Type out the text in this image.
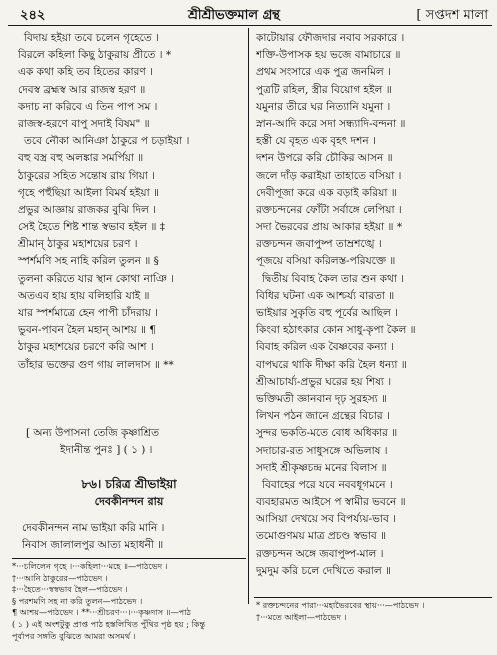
২৪২	শ্রীশ্রীভক্তমাল গ্রন্থ	[ সপ্তদশ মালা
বিদায় হইয়া তবে চলেন গৃহেতে ।
বিরলে কহিলা কিছু ঠাকুরায় প্রীতে । *
এক কথা কহি তব হিতের কারণ ।
দেবস্ব ব্রহ্মস্ব আর রাজস্ব হরণ ॥
কদাচ না করিবে এ তিন পাপ সম ।
রাজস্ব-হরণে বাপু সদাই বিষম" ॥
তবে নৌকা আনিঞা ঠাকুরে প চড়াইয়া ।
বহু বস্ত্র বহু অলঙ্কার সমর্পিয়া ॥
ঠাকুরের সহিত সন্তোষ রায় গিয়া ।
গৃহে পহুঁছিয়া আইলা বিমর্ষ হইয়া ॥
প্রভুর আজ্ঞায় রাজকর বুঝি দিল ।
সেই হৈতে শিষ্ট শান্ত স্বভাব হইল ॥ ‡
শ্রীমান্ ঠাকুর মহাশয়ের চরণ ।
স্পর্শমণি সহ নাহি করিল তুলন ॥ §
তুলনা করিতে যার স্থান কোথা নাঞি ।
অতএব হায় হায় বলিহারি যাই ॥
যার স্পর্শমাত্রে হেন পাপী চাঁদরায় ।
ভুবন-পাবন হৈল মহান্ আশয় ॥ ¶
ঠাকুর মহাশয়ের চরণে করি আশ ।
তাঁহার ভক্তের গুণ গায় লালদাস ॥ **
[ অন্য উপাসনা তেজি কৃষ্ণাশ্রিত
ইদানীন্ত পুনঃ ] ( ১ ) ।
৮৬। চরিত্র শ্রীভাইয়া
দেবকীনন্দন রায়
দেবকীনন্দন নাম ভাইয়া করি মানি ।
নিবাস জালালপুর আত্য মহাধনী ॥
*···চলিলেন গৃহে ।···কহিলা···মহে ॥—পাঠভেদ ।
†···আনি ঠাকুরের—পাঠভেদ ।
‡···হৈতে···স্বস্বভাব হৈল—পাঠভেদ ।
§ পরশমণি সহ না করি তুলন—পাঠভেদ ।
¶ আশয়—পাঠভেদ । **···শ্রীচরণ···।···কৃষ্ণদাস ॥—পাঠ
( ১ ) এই অংশটুকু প্রাপ্ত পাঠ হস্তলিখিত পুঁথির পৃষ্ঠ হয় ; কিন্তু
পূর্বাপর সঙ্গতি বুঝিতে আমরা অসমর্থ ।
কাটোয়ার ফৌজদার নবাব সরকারে ।
শক্তি-উপাসক হয় ভজে বামাচারে ॥
প্রথম সংসারে এক পুত্র জনমিল ।
পুত্রটি রহিল, স্ত্রীর বিয়োগ হইল ॥
যমুনার তীরে ঘর নিত্যানি যমুনা ।
স্নান-আদি করে সদা সন্ধ্যাদি-বন্দনা ॥
হস্তী যে বৃহত এক বৃহৎ দশন ।
দশন উপরে করি চৌকির আসন ॥
জলে দাঁড় করাইয়া তাহাতে বসিয়া ।
দেবীপূজা করে এক বড়াই করিয়া ॥
রক্তচন্দনের ফোঁটা সর্বাঙ্গে লেপিয়া ।
সদা ভৈরবের প্রায় আকার হইয়া ॥ *
রক্তচন্দন জবাপুষ্প তাম্রশঙ্খে ।
পূজয়ে বসিয়া করিলস্ত-পরিযক্তে ॥
দ্বিতীয় বিবাহ কৈল তার শুন কথা ।
বিধির ঘটনা এক আশ্চর্য্য বারতা ॥
ভাইয়ার সুকৃতি বহু পূর্বের আছিল ।
কিংবা হঠাৎকার কোন সাধু-কৃপা কৈল ॥
বিবাহ করিল এক বৈষ্ণবের কন্যা ।
বাপঘরে থাকি দীক্ষা করি হৈল ধন্যা ॥
শ্রীআচার্য্য-প্রভুর ঘরের হয় শিষ্য ।
ভক্তিমতী জ্ঞানবান দৃঢ় সুরহস্য ॥
লিখন পঠন জানে গ্রন্থের বিচার ।
সুন্দর ভকতি-মতে বোধ অধিকার ॥
সদাচার-রত সাধুসঙ্গে অভিলাষ ।
সদাই শ্রীকৃষ্ণচন্দ্র মনের বিলাস ॥
বিবাহের পরে যবে নববধূগমনে ।
ব্যবহারমত আইসে প স্বামীর ভবনে ॥
আসিয়া দেখয়ে সব বিপর্য্যয়-ভাব ।
তমোগুণময় মাত্র প্রচণ্ড স্বভাব ॥
রক্তচন্দন অঙ্গে জবাপুষ্প-মাল ।
দুমদুম করি চলে দেখিতে করাল ॥
* রক্তচন্দনের পারা···মহাভৈরবের স্থায়···—পাঠভেদ ।
†···মতে আইলা—পাঠভেদ ।
